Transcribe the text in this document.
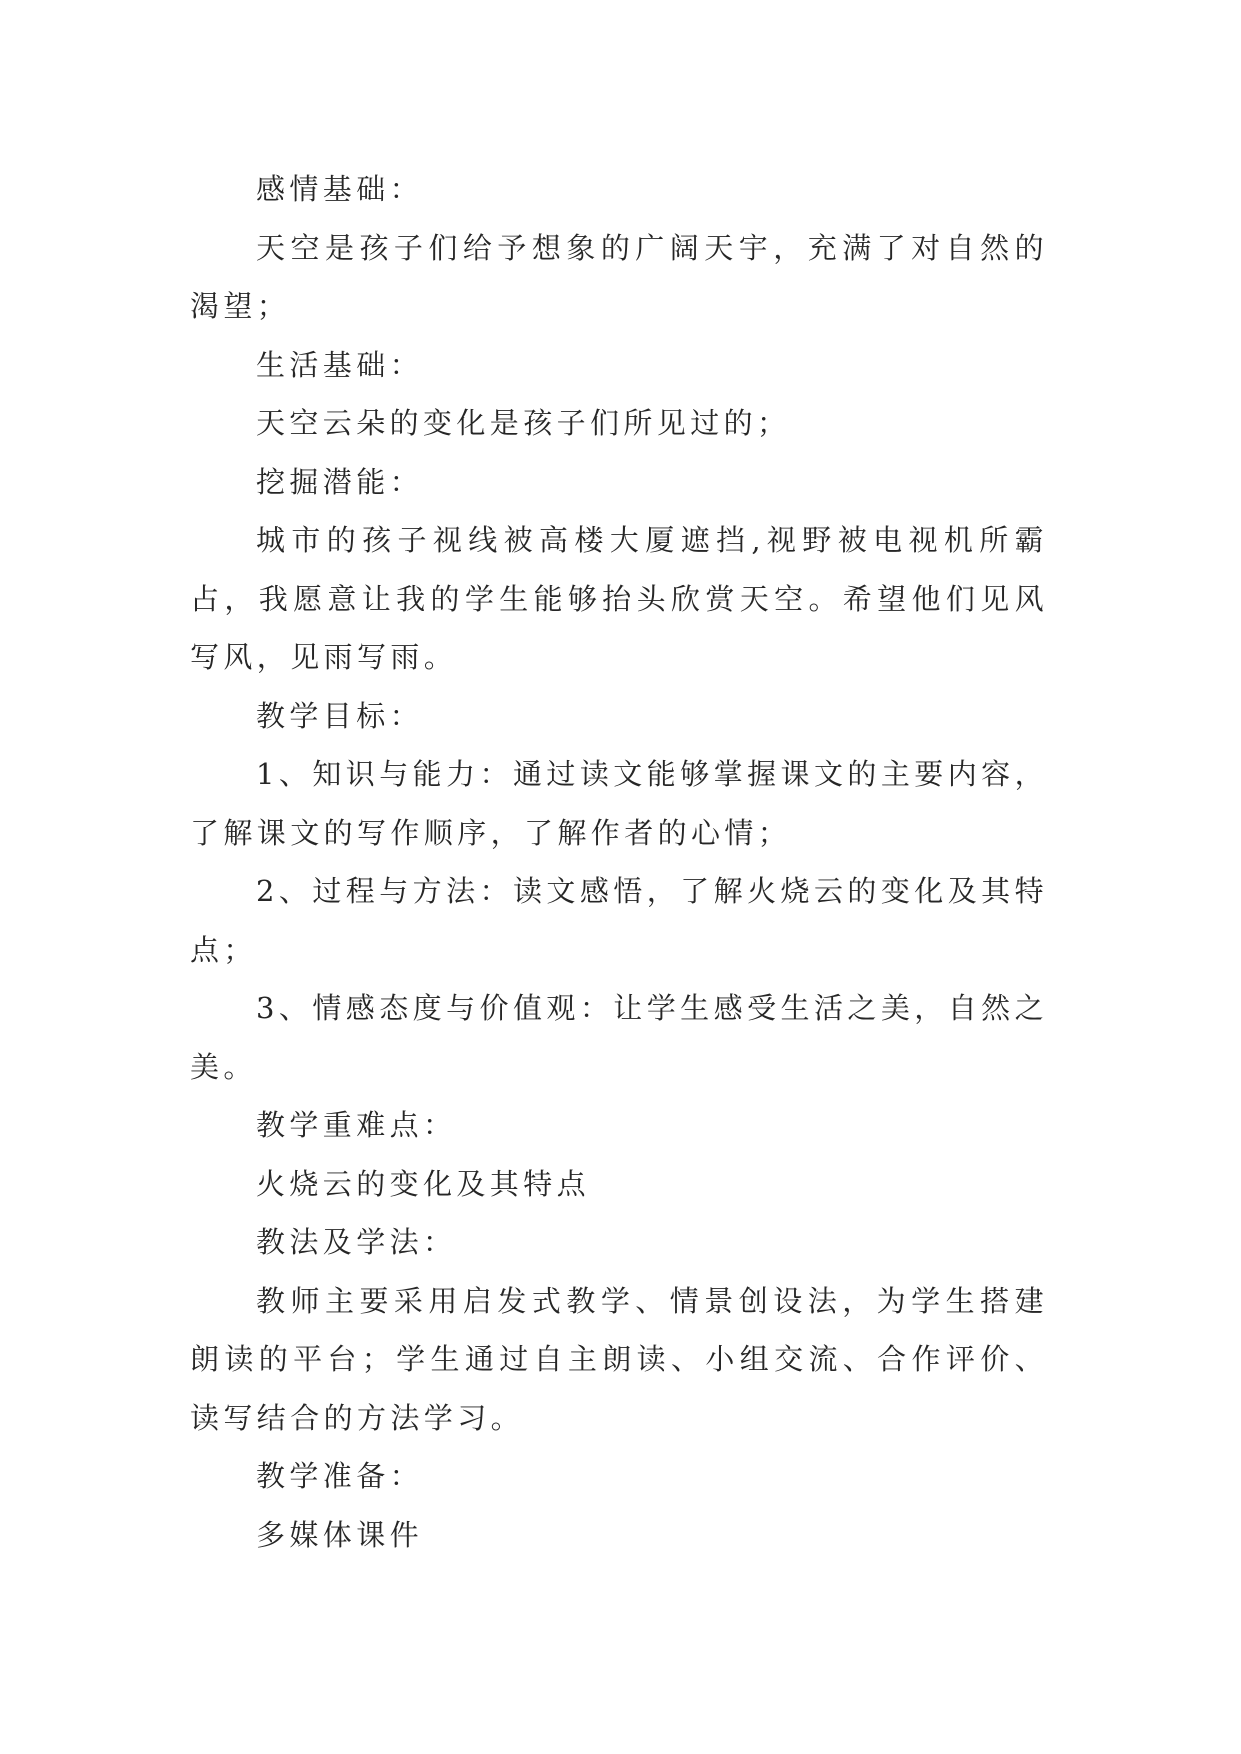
感情基础：

天空是孩子们给予想象的广阔天宇，充满了对自然的渴望；

生活基础：

天空云朵的变化是孩子们所见过的；

挖掘潜能：

城市的孩子视线被高楼大厦遮挡,视野被电视机所霸占，我愿意让我的学生能够抬头欣赏天空。希望他们见风写风，见雨写雨。

教学目标：

1、知识与能力：通过读文能够掌握课文的主要内容，了解课文的写作顺序，了解作者的心情；

2、过程与方法：读文感悟，了解火烧云的变化及其特点；

3、情感态度与价值观：让学生感受生活之美，自然之美。

教学重难点：

火烧云的变化及其特点

教法及学法：

教师主要采用启发式教学、情景创设法，为学生搭建朗读的平台；学生通过自主朗读、小组交流、合作评价、读写结合的方法学习。

教学准备：

多媒体课件
